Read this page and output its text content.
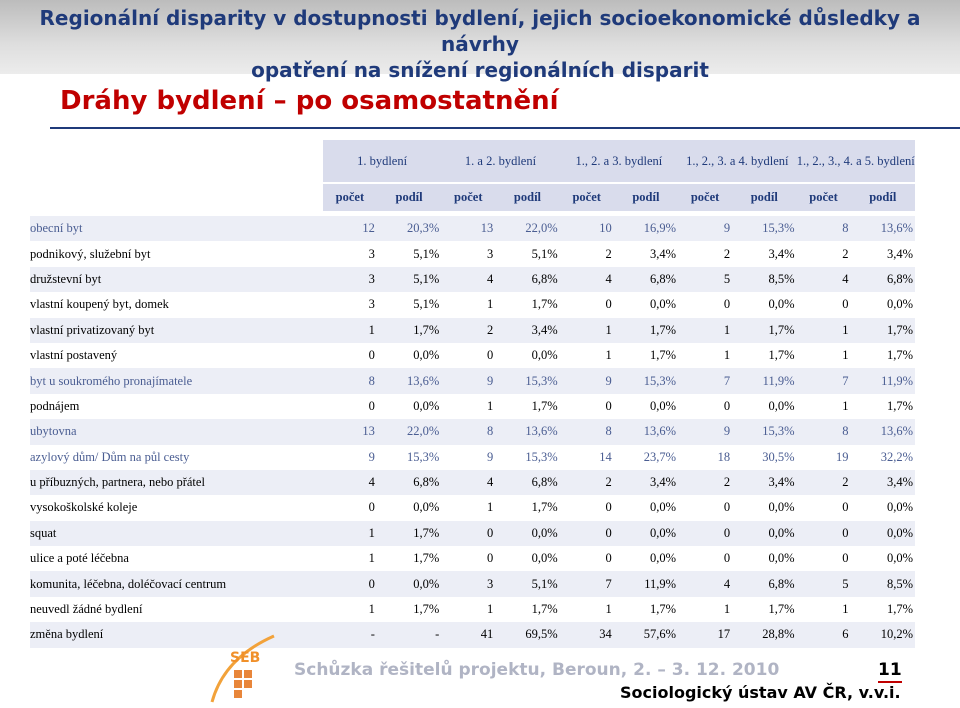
Regionální disparity v dostupnosti bydlení, jejich socioekonomické důsledky a návrhy
opatření na snížení regionálních disparit
Dráhy bydlení – po osamostatnění
	1. bydlení		1. a 2. bydlení		1., 2. a 3. bydlení		1., 2., 3. a 4. bydlení		1., 2., 3., 4. a 5. bydlení	
	počet	podíl	počet	podíl	počet	podíl	počet	podíl	počet	podíl

obecní byt	12	20,3%	13	22,0%	10	16,9%	9	15,3%	8	13,6%
podnikový, služební byt	3	5,1%	3	5,1%	2	3,4%	2	3,4%	2	3,4%
družstevní byt	3	5,1%	4	6,8%	4	6,8%	5	8,5%	4	6,8%
vlastní koupený byt, domek	3	5,1%	1	1,7%	0	0,0%	0	0,0%	0	0,0%
vlastní privatizovaný byt	1	1,7%	2	3,4%	1	1,7%	1	1,7%	1	1,7%
vlastní postavený	0	0,0%	0	0,0%	1	1,7%	1	1,7%	1	1,7%
byt u soukromého pronajímatele	8	13,6%	9	15,3%	9	15,3%	7	11,9%	7	11,9%
podnájem	0	0,0%	1	1,7%	0	0,0%	0	0,0%	1	1,7%
ubytovna	13	22,0%	8	13,6%	8	13,6%	9	15,3%	8	13,6%
azylový dům/ Dům na půl cesty	9	15,3%	9	15,3%	14	23,7%	18	30,5%	19	32,2%
u příbuzných, partnera, nebo přátel	4	6,8%	4	6,8%	2	3,4%	2	3,4%	2	3,4%
vysokoškolské koleje	0	0,0%	1	1,7%	0	0,0%	0	0,0%	0	0,0%
squat	1	1,7%	0	0,0%	0	0,0%	0	0,0%	0	0,0%
ulice a poté léčebna	1	1,7%	0	0,0%	0	0,0%	0	0,0%	0	0,0%
komunita, léčebna, doléčovací centrum	0	0,0%	3	5,1%	7	11,9%	4	6,8%	5	8,5%
neuvedl žádné bydlení	1	1,7%	1	1,7%	1	1,7%	1	1,7%	1	1,7%
změna bydlení	-	-	41	69,5%	34	57,6%	17	28,8%	6	10,2%
SEB
Schůzka řešitelů projektu, Beroun, 2. – 3. 12. 2010	11
Sociologický ústav AV ČR, v.v.i.
